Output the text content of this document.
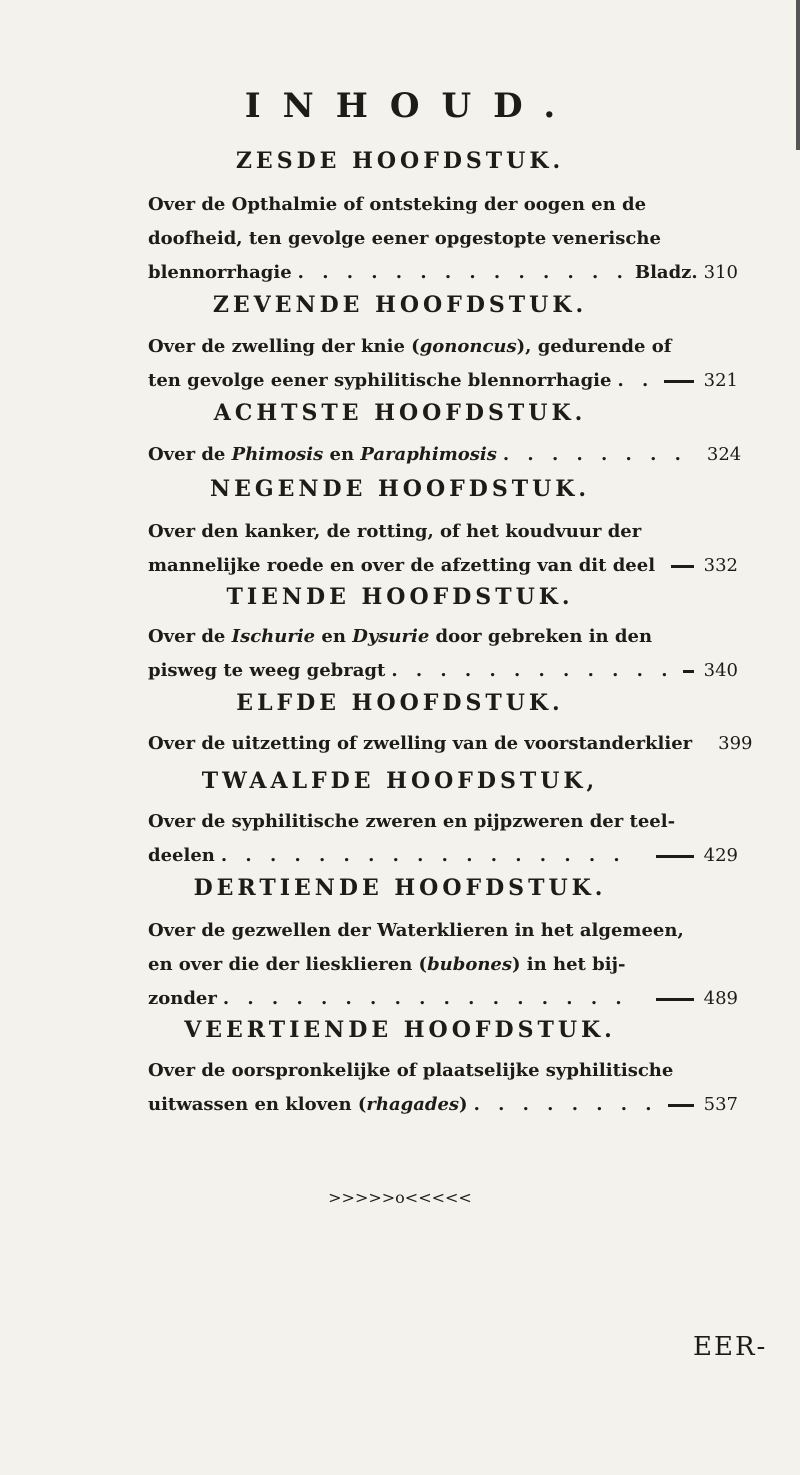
INHOUD.
ZESDE HOOFDSTUK.
Over de Opthalmie of ontsteking der oogen en de
doofheid, ten gevolge eener opgestopte venerische
blennorrhagie . . . . . . . . . . . . . . Bladz. 310
ZEVENDE HOOFDSTUK.
Over de zwelling der knie (gononcus), gedurende of
ten gevolge eener syphilitische blennorrhagie . .	321
ACHTSTE HOOFDSTUK.
Over de Phimosis en Paraphimosis . . . . . . . . 324
NEGENDE HOOFDSTUK.
Over den kanker, de rotting, of het koudvuur der
mannelijke roede en over de afzetting van dit deel	332
TIENDE HOOFDSTUK.
Over de Ischurie en Dysurie door gebreken in den
pisweg te weeg gebragt . . . . . . . . . . . . 340
ELFDE HOOFDSTUK.
Over de uitzetting of zwelling van de voorstanderklier 399
TWAALFDE HOOFDSTUK,
Over de syphilitische zweren en pijpzweren der teel-
deelen . . . . . . . . . . . . . . . . .	429
DERTIENDE HOOFDSTUK.
Over de gezwellen der Waterklieren in het algemeen,
en over die der liesklieren (bubones) in het bij-
zonder . . . . . . . . . . . . . . . . .	489
VEERTIENDE HOOFDSTUK.
Over de oorspronkelijke of plaatselijke syphilitische
uitwassen en kloven (rhagades) . . . . . . . .	537
>>>>>o<<<<<
EER-
